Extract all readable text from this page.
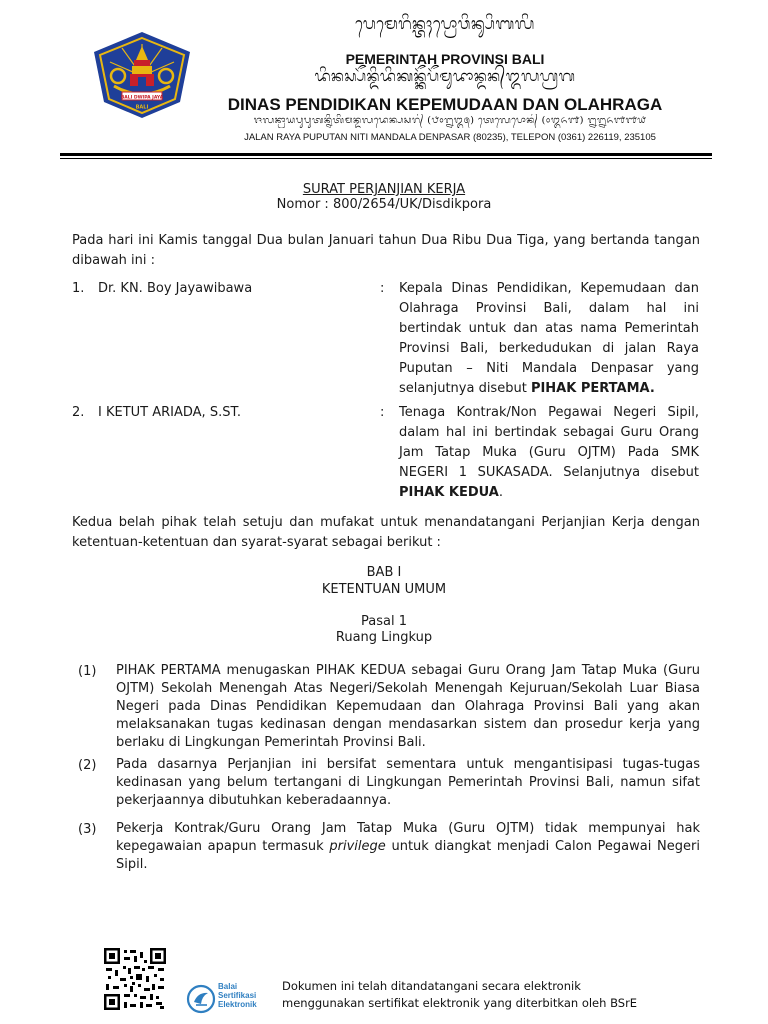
BALI DWIPA JAYA
BALI
ᬧᬾᬫᬾᬭᬶᬦ᭄ᬢᬄᬧ᭄ᬭᭀᬯᬶᬦ᭄ᬲᬶᬩᬮᬶ
PEMERINTAH PROVINSI BALI
ᬤᬶᬦᬲ᭄ᬧᭂᬦ᭄ᬤᬶᬤᬶᬓᬦ᭄ᬓᭂᬧᭂᬫᬸᬤᬵᬦ᭄ᬤᬦ᭄ᬑᬮᬳ᭄ᬭᬕ
DINAS PENDIDIKAN KEPEMUDAAN DAN OLAHRAGA
ᬚᬮᬦ᭄ᬭᬵᬬᬧᬸᬧᬸᬢᬦ᭄ᬦᬶᬢᬶᬫᬦ᭄ᬤᬮᬤᬾᬦ᭄ᬧᬲᬭ᭄ (᭘᭐᭒᭓᭕) ᬢᬾᬮᬾᬧᭀᬦ᭄ (᭐᭓᭖᭑) ᭒᭒᭖᭑᭑᭙
JALAN RAYA PUPUTAN NITI MANDALA DENPASAR (80235), TELEPON (0361) 226119, 235105
SURAT PERJANJIAN KERJA
Nomor : 800/2654/UK/Disdikpora
Pada hari ini Kamis tanggal Dua bulan Januari tahun Dua Ribu Dua Tiga, yang bertanda tangan dibawah ini :
1.	Dr. KN. Boy Jayawibawa	:	Kepala Dinas Pendidikan, Kepemudaan dan Olahraga Provinsi Bali, dalam hal ini bertindak untuk dan atas nama Pemerintah Provinsi Bali, berkedudukan di jalan Raya Puputan – Niti Mandala Denpasar yang selanjutnya disebut PIHAK PERTAMA.
2.	I KETUT ARIADA, S.ST.	:	Tenaga Kontrak/Non Pegawai Negeri Sipil, dalam hal ini bertindak sebagai Guru Orang Jam Tatap Muka (Guru OJTM) Pada SMK NEGERI 1 SUKASADA. Selanjutnya disebut PIHAK KEDUA.
Kedua belah pihak telah setuju dan mufakat untuk menandatangani Perjanjian Kerja dengan ketentuan-ketentuan dan syarat-syarat sebagai berikut :
BAB I
KETENTUAN UMUM
Pasal 1
Ruang Lingkup
(1)	PIHAK PERTAMA menugaskan PIHAK KEDUA sebagai Guru Orang Jam Tatap Muka (Guru OJTM) Sekolah Menengah Atas Negeri/Sekolah Menengah Kejuruan/Sekolah Luar Biasa Negeri pada Dinas Pendidikan Kepemudaan dan Olahraga Provinsi Bali yang akan melaksanakan tugas kedinasan dengan mendasarkan sistem dan prosedur kerja yang berlaku di Lingkungan Pemerintah Provinsi Bali.
(2)	Pada dasarnya Perjanjian ini bersifat sementara untuk mengantisipasi tugas-tugas kedinasan yang belum tertangani di Lingkungan Pemerintah Provinsi Bali, namun sifat pekerjaannya dibutuhkan keberadaannya.
(3)	Pekerja Kontrak/Guru Orang Jam Tatap Muka (Guru OJTM) tidak mempunyai hak kepegawaian apapun termasuk privilege untuk diangkat menjadi Calon Pegawai Negeri Sipil.
Balai
Sertifikasi
Elektronik
Dokumen ini telah ditandatangani secara elektronik
menggunakan sertifikat elektronik yang diterbitkan oleh BSrE
